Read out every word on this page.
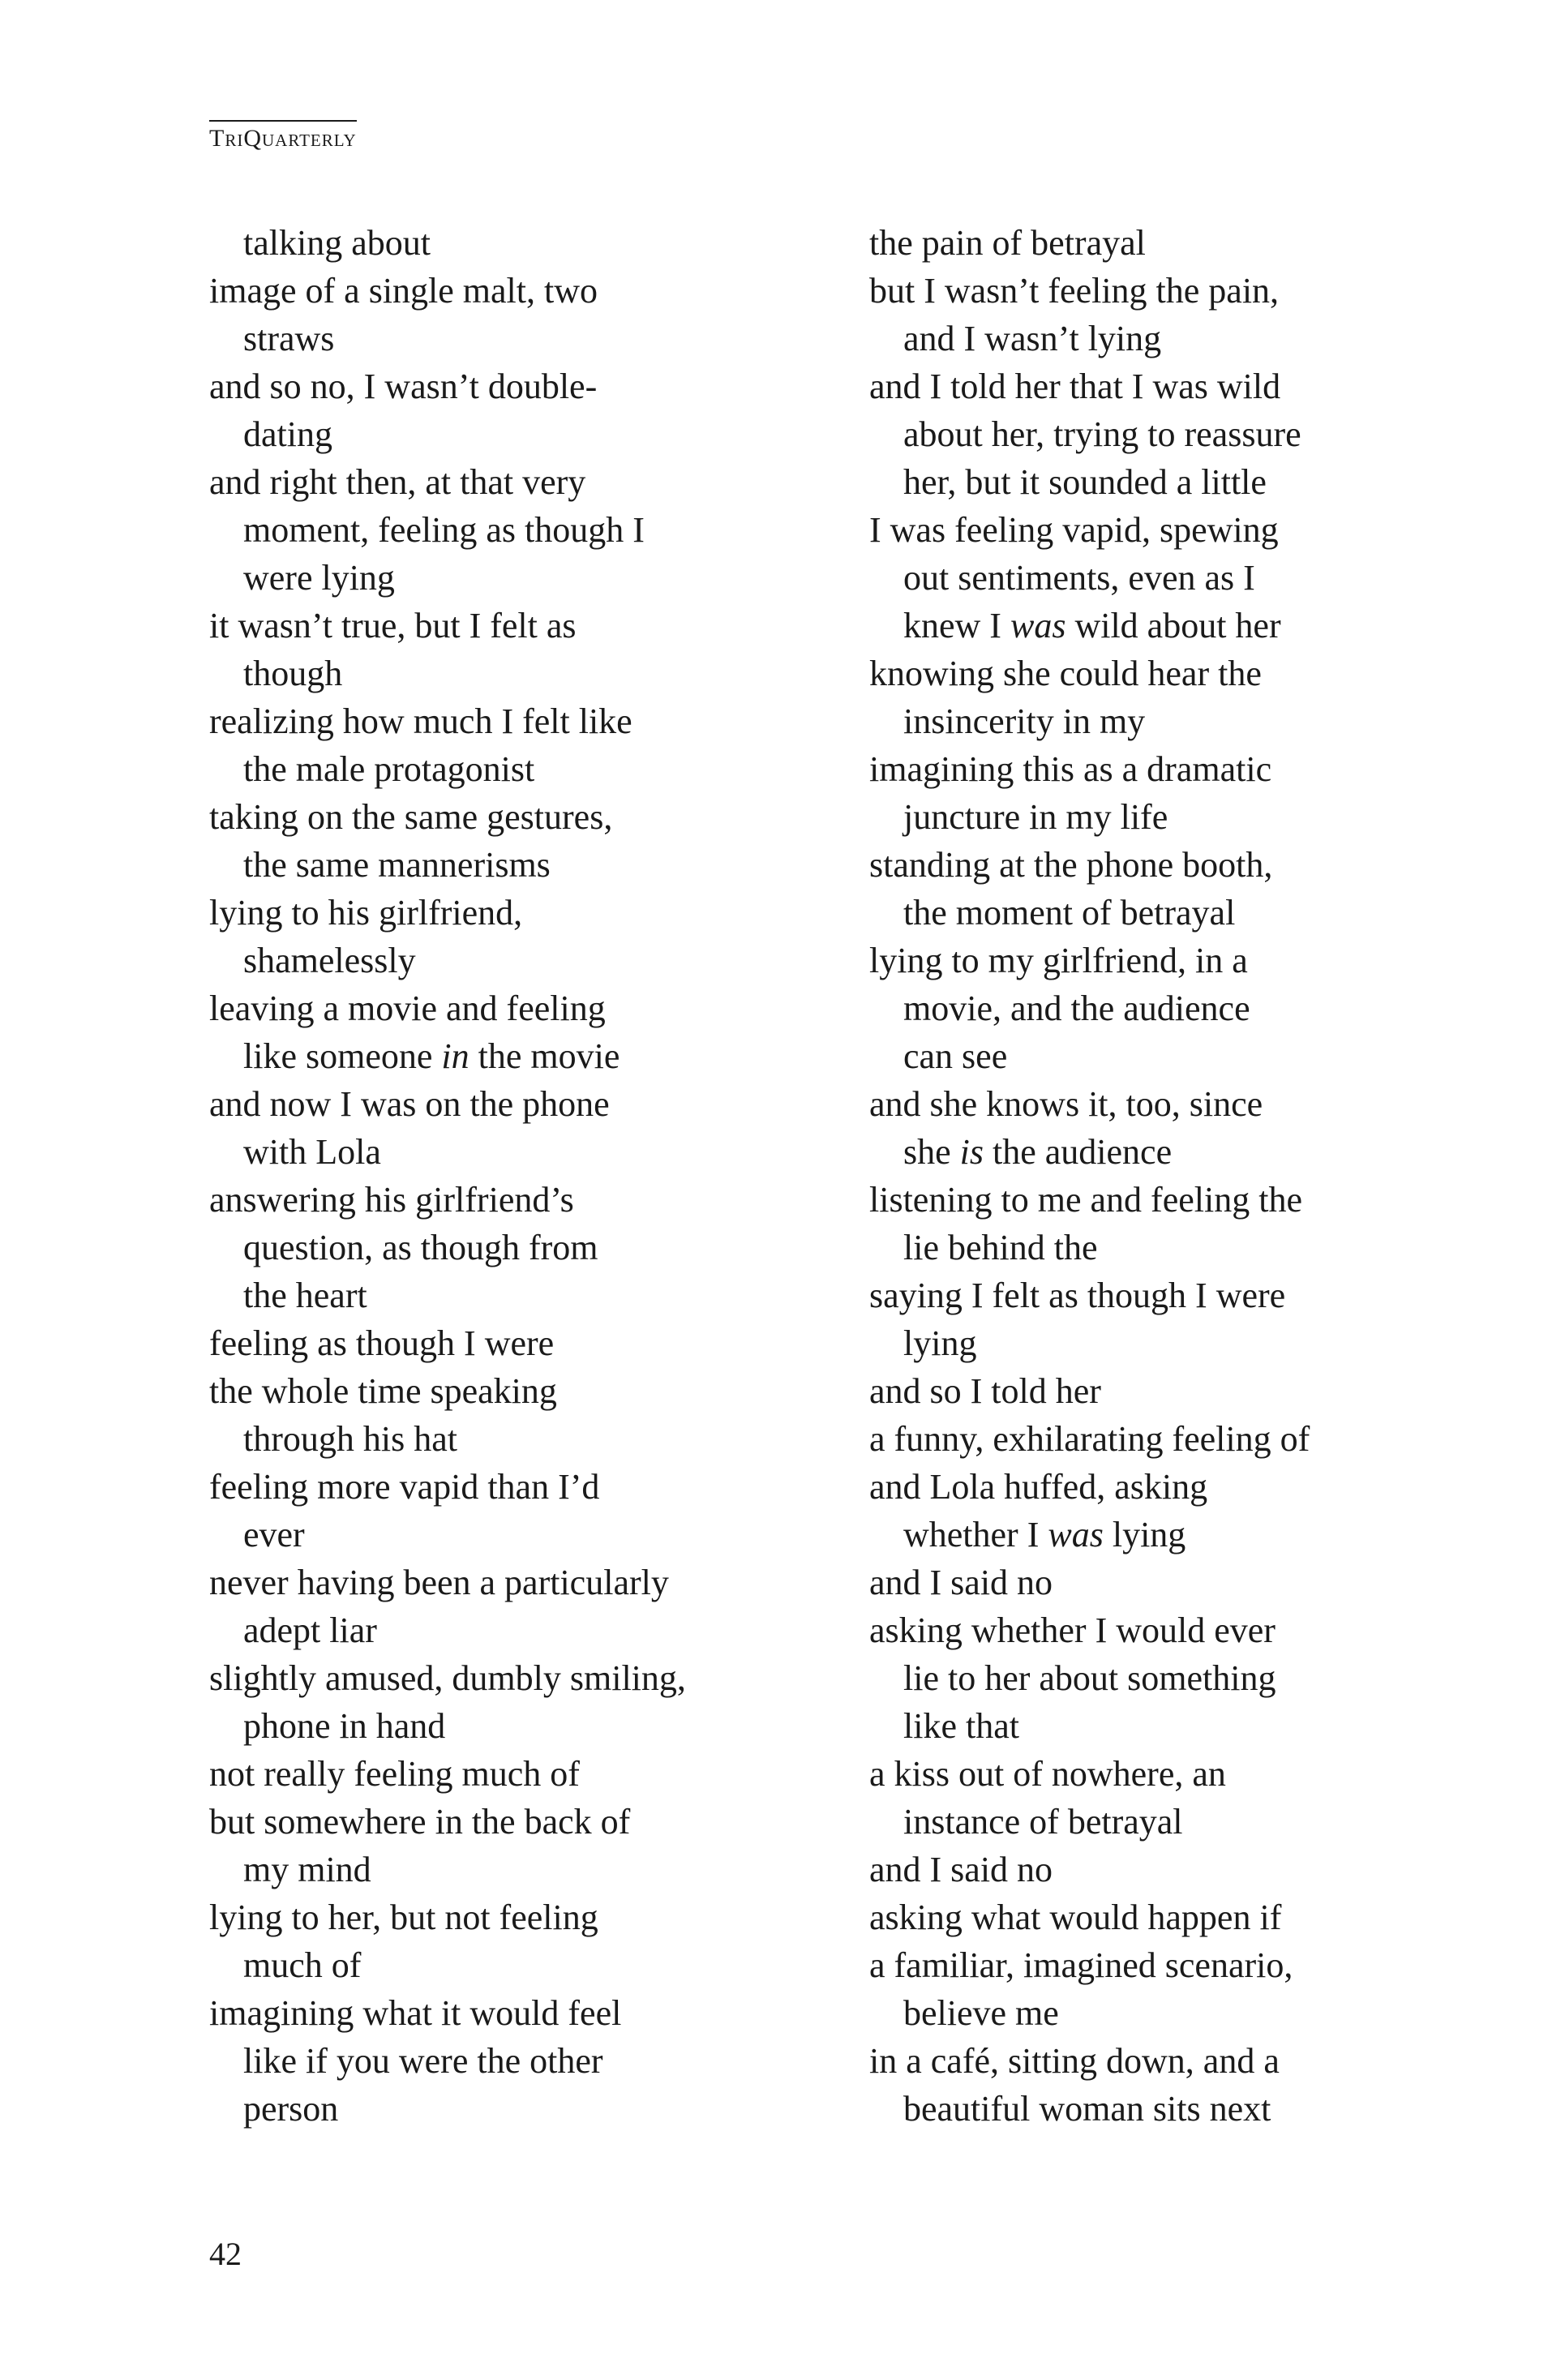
TriQuarterly
talking about
image of a single malt, two
straws
and so no, I wasn’t double-
dating
and right then, at that very
moment, feeling as though I
were lying
it wasn’t true, but I felt as
though
realizing how much I felt like
the male protagonist
taking on the same gestures,
the same mannerisms
lying to his girlfriend,
shamelessly
leaving a movie and feeling
like someone in the movie
and now I was on the phone
with Lola
answering his girlfriend’s
question, as though from
the heart
feeling as though I were
the whole time speaking
through his hat
feeling more vapid than I’d
ever
never having been a particularly
adept liar
slightly amused, dumbly smiling,
phone in hand
not really feeling much of
but somewhere in the back of
my mind
lying to her, but not feeling
much of
imagining what it would feel
like if you were the other
person
the pain of betrayal
but I wasn’t feeling the pain,
and I wasn’t lying
and I told her that I was wild
about her, trying to reassure
her, but it sounded a little
I was feeling vapid, spewing
out sentiments, even as I
knew I was wild about her
knowing she could hear the
insincerity in my
imagining this as a dramatic
juncture in my life
standing at the phone booth,
the moment of betrayal
lying to my girlfriend, in a
movie, and the audience
can see
and she knows it, too, since
she is the audience
listening to me and feeling the
lie behind the
saying I felt as though I were
lying
and so I told her
a funny, exhilarating feeling of
and Lola huffed, asking
whether I was lying
and I said no
asking whether I would ever
lie to her about something
like that
a kiss out of nowhere, an
instance of betrayal
and I said no
asking what would happen if
a familiar, imagined scenario,
believe me
in a café, sitting down, and a
beautiful woman sits next
42
